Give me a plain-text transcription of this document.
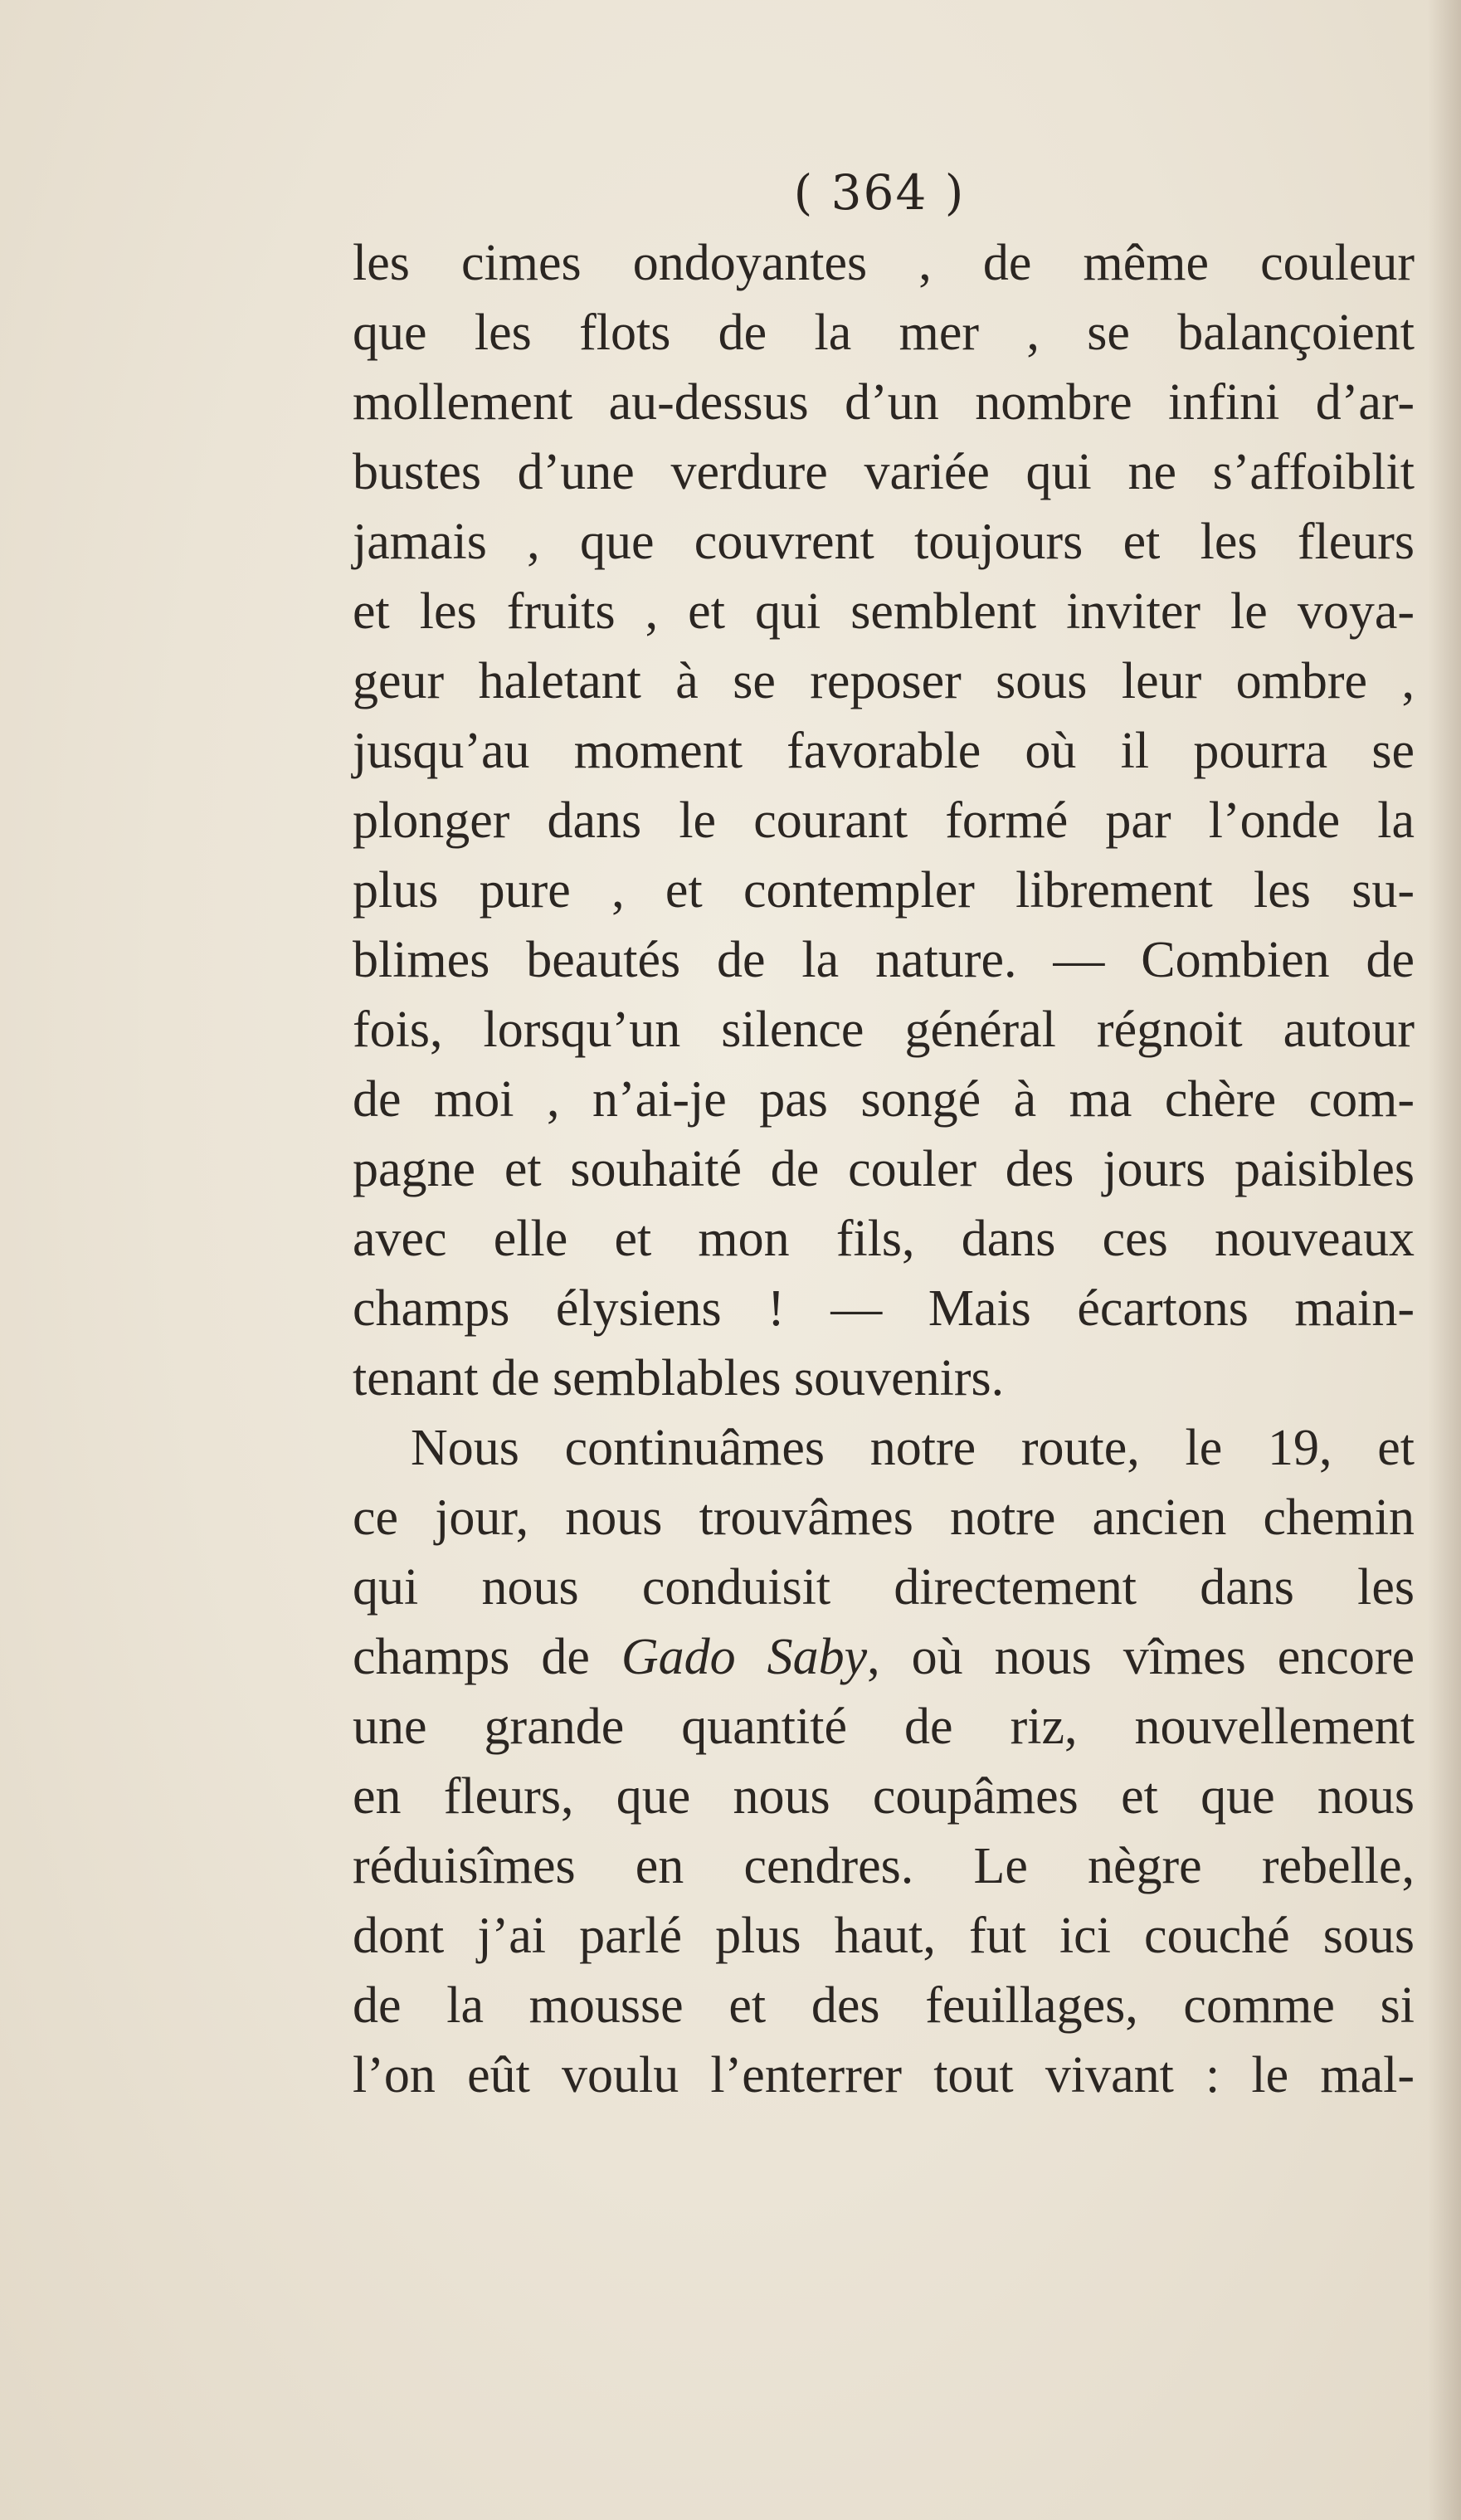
( 364 )
les cimes ondoyantes , de même couleur
que les flots de la mer , se balançoient
mollement au-dessus d’un nombre infini d’ar-
bustes d’une verdure variée qui ne s’affoiblit
jamais , que couvrent toujours et les fleurs
et les fruits , et qui semblent inviter le voya-
geur haletant à se reposer sous leur ombre ,
jusqu’au moment favorable où il pourra se
plonger dans le courant formé par l’onde la
plus pure , et contempler librement les su-
blimes beautés de la nature. — Combien de
fois, lorsqu’un silence général régnoit autour
de moi , n’ai-je pas songé à ma chère com-
pagne et souhaité de couler des jours paisibles
avec elle et mon fils, dans ces nouveaux
champs élysiens ! — Mais écartons main-
tenant de semblables souvenirs.
Nous continuâmes notre route, le 19, et
ce jour, nous trouvâmes notre ancien chemin
qui nous conduisit directement dans les
champs de Gado Saby, où nous vîmes encore
une grande quantité de riz, nouvellement
en fleurs, que nous coupâmes et que nous
réduisîmes en cendres. Le nègre rebelle,
dont j’ai parlé plus haut, fut ici couché sous
de la mousse et des feuillages, comme si
l’on eût voulu l’enterrer tout vivant : le mal-
